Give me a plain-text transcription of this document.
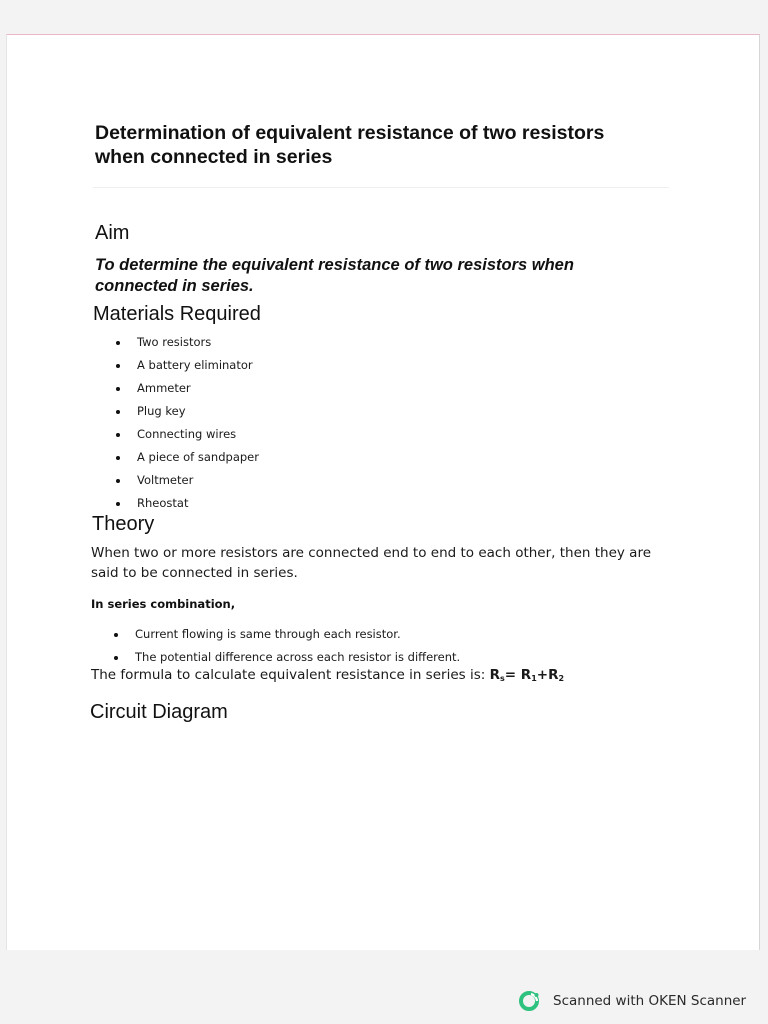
Determination of equivalent resistance of two resistors when connected in series
Aim

To determine the equivalent resistance of two resistors when connected in series.

Materials Required
Two resistors
A battery eliminator
Ammeter
Plug key
Connecting wires
A piece of sandpaper
Voltmeter
Rheostat
Theory

When two or more resistors are connected end to end to each other, then they are said to be connected in series.

In series combination,

Current flowing is same through each resistor.
The potential difference across each resistor is different.

The formula to calculate equivalent resistance in series is: $R_s= R_1+R_2$

Circuit Diagram
Scanned with OKEN Scanner
